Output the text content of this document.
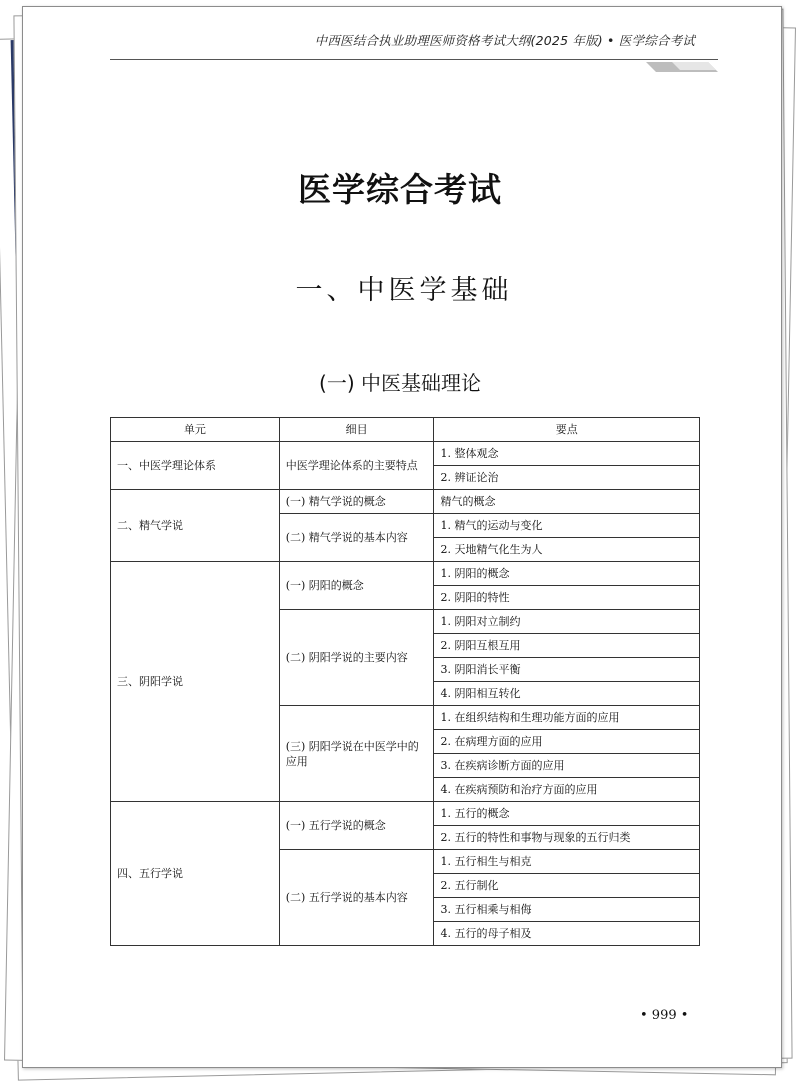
中西医结合执业助理医师资格考试大纲(2025 年版) • 医学综合考试
医学综合考试
一、中医学基础
(一) 中医基础理论
单元	细目	要点
一、中医学理论体系	中医学理论体系的主要特点	1. 整体观念
		2. 辨证论治
二、精气学说	(一) 精气学说的概念	精气的概念
	(二) 精气学说的基本内容	1. 精气的运动与变化
		2. 天地精气化生为人
三、阴阳学说	(一) 阴阳的概念	1. 阴阳的概念
		2. 阴阳的特性
	(二) 阴阳学说的主要内容	1. 阴阳对立制约
		2. 阴阳互根互用
		3. 阴阳消长平衡
		4. 阴阳相互转化
	(三) 阴阳学说在中医学中的应用	1. 在组织结构和生理功能方面的应用
		2. 在病理方面的应用
		3. 在疾病诊断方面的应用
		4. 在疾病预防和治疗方面的应用
四、五行学说	(一) 五行学说的概念	1. 五行的概念
		2. 五行的特性和事物与现象的五行归类
	(二) 五行学说的基本内容	1. 五行相生与相克
		2. 五行制化
		3. 五行相乘与相侮
		4. 五行的母子相及
• 999 •
